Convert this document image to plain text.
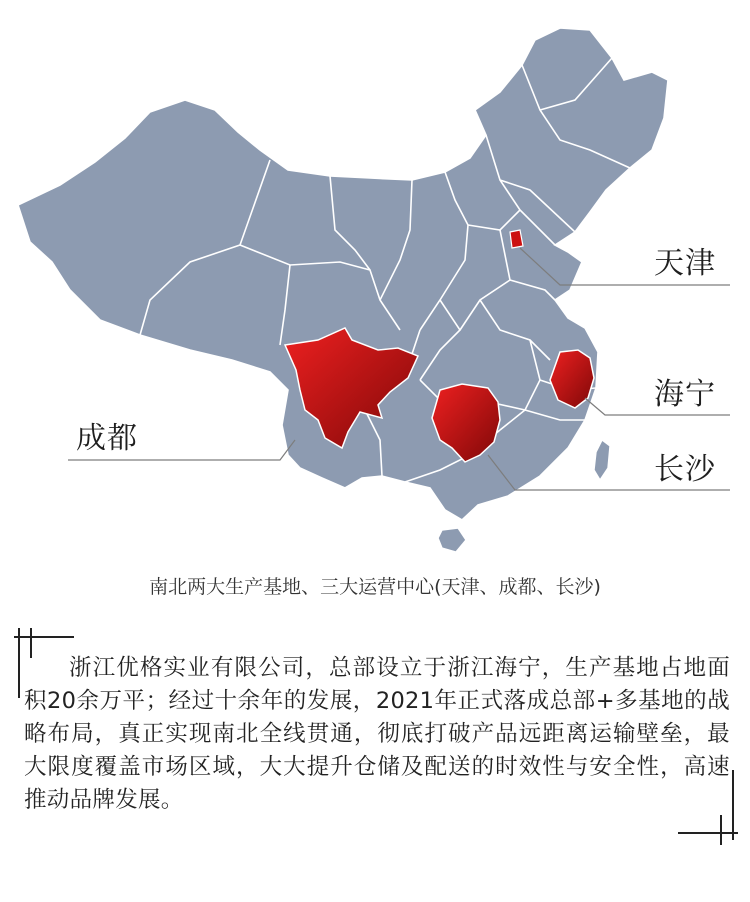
天津
海宁
长沙
成都
南北两大生产基地、三大运营中心(天津、成都、长沙)
浙江优格实业有限公司，总部设立于浙江海宁，生产基地占地面积20余万平；经过十余年的发展，2021年正式落成总部+多基地的战略布局，真正实现南北全线贯通，彻底打破产品远距离运输壁垒，最大限度覆盖市场区域，大大提升仓储及配送的时效性与安全性，高速推动品牌发展。
